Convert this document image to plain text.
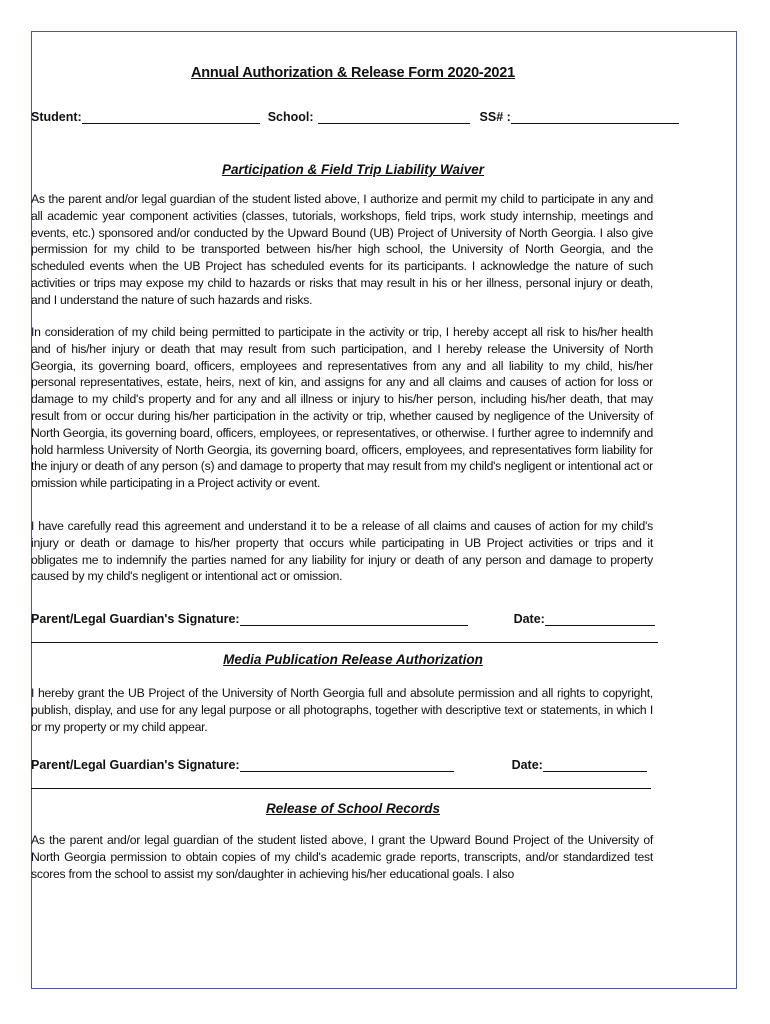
Annual Authorization & Release Form 2020-2021
Student:	School:	SS# :
Participation & Field Trip Liability Waiver

As the parent and/or legal guardian of the student listed above, I authorize and permit my child to participate in any and all academic year component activities (classes, tutorials, workshops, field trips, work study internship, meetings and events, etc.) sponsored and/or conducted by the Upward Bound (UB) Project of University of North Georgia. I also give permission for my child to be transported between his/her high school, the University of North Georgia, and the scheduled events when the UB Project has scheduled events for its participants. I acknowledge the nature of such activities or trips may expose my child to hazards or risks that may result in his or her illness, personal injury or death, and I understand the nature of such hazards and risks.

In consideration of my child being permitted to participate in the activity or trip, I hereby accept all risk to his/her health and of his/her injury or death that may result from such participation, and I hereby release the University of North Georgia, its governing board, officers, employees and representatives from any and all liability to my child, his/her personal representatives, estate, heirs, next of kin, and assigns for any and all claims and causes of action for loss or damage to my child's property and for any and all illness or injury to his/her person, including his/her death, that may result from or occur during his/her participation in the activity or trip, whether caused by negligence of the University of North Georgia, its governing board, officers, employees, or representatives, or otherwise. I further agree to indemnify and hold harmless University of North Georgia, its governing board, officers, employees, and representatives form liability for the injury or death of any person (s) and damage to property that may result from my child's negligent or intentional act or omission while participating in a Project activity or event.

I have carefully read this agreement and understand it to be a release of all claims and causes of action for my child's injury or death or damage to his/her property that occurs while participating in UB Project activities or trips and it obligates me to indemnify the parties named for any liability for injury or death of any person and damage to property caused by my child's negligent or intentional act or omission.

Parent/Legal Guardian's Signature:	Date:
Media Publication Release Authorization

I hereby grant the UB Project of the University of North Georgia full and absolute permission and all rights to copyright, publish, display, and use for any legal purpose or all photographs, together with descriptive text or statements, in which I or my property or my child appear.

Parent/Legal Guardian's Signature:	Date:
Release of School Records

As the parent and/or legal guardian of the student listed above, I grant the Upward Bound Project of the University of North Georgia permission to obtain copies of my child's academic grade reports, transcripts, and/or standardized test scores from the school to assist my son/daughter in achieving his/her educational goals. I also
